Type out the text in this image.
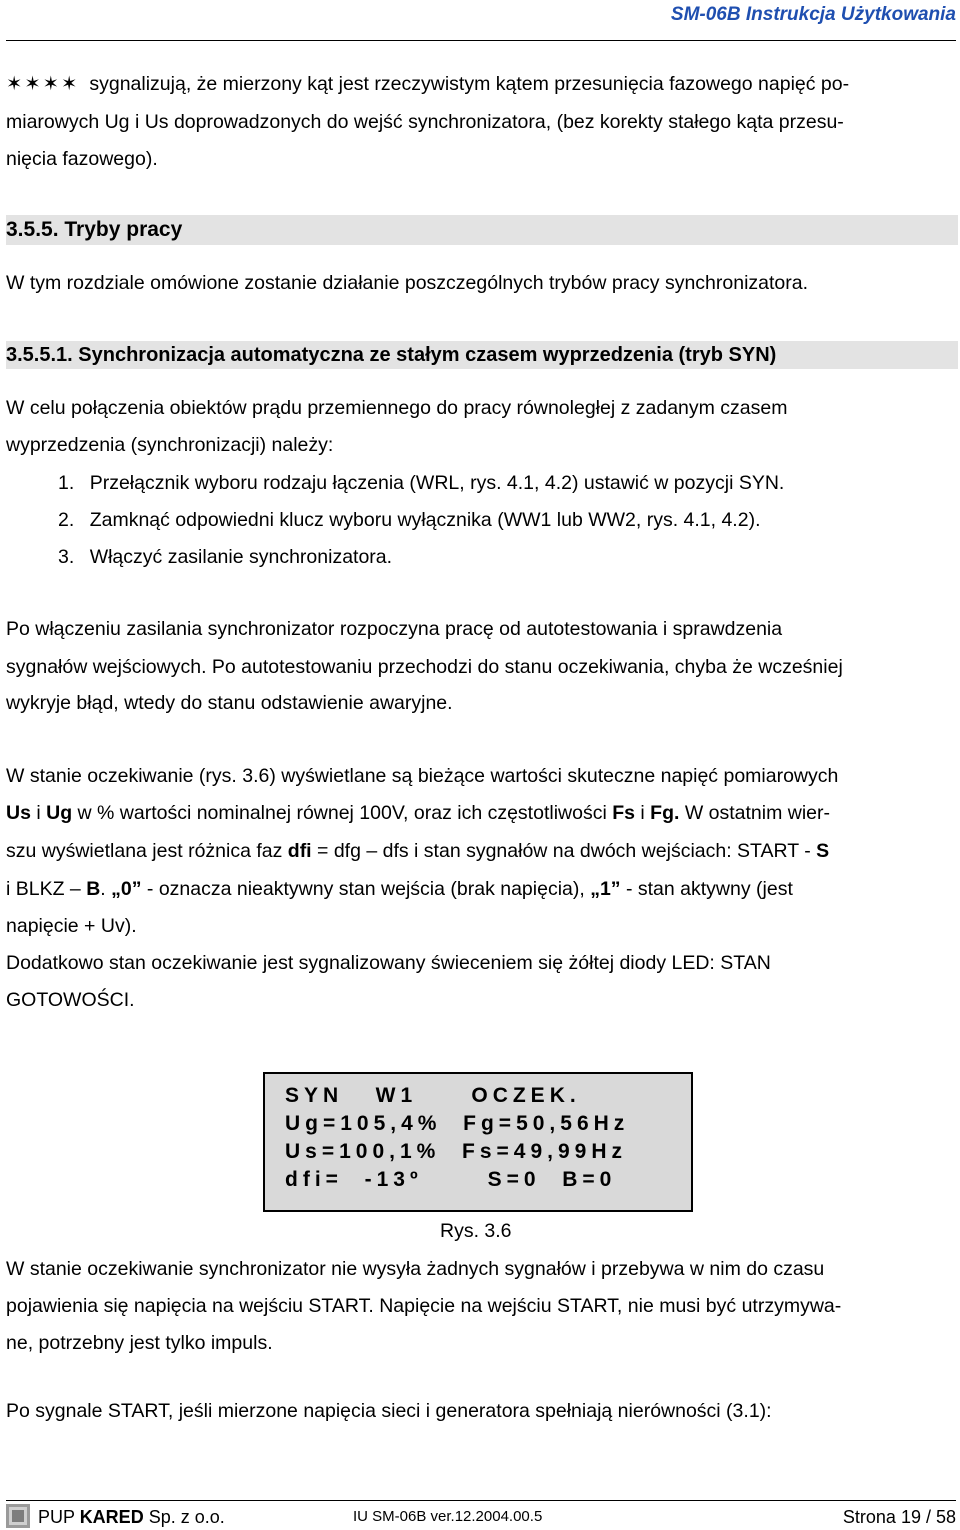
SM-06B Instrukcja Użytkowania
✶✶✶✶ sygnalizują, że mierzony kąt jest rzeczywistym kątem przesunięcia fazowego napięć po-
miarowych Ug i Us doprowadzonych do wejść synchronizatora, (bez korekty stałego kąta przesu-
nięcia fazowego).
3.5.5. Tryby pracy
W tym rozdziale omówione zostanie działanie poszczególnych trybów pracy synchronizatora.
3.5.5.1. Synchronizacja automatyczna ze stałym czasem wyprzedzenia (tryb SYN)
W celu połączenia obiektów prądu przemiennego do pracy równoległej z zadanym czasem
wyprzedzenia (synchronizacji) należy:
1. Przełącznik wyboru rodzaju łączenia (WRL, rys. 4.1, 4.2) ustawić w pozycji SYN.
2. Zamknąć odpowiedni klucz wyboru wyłącznika (WW1 lub WW2, rys. 4.1, 4.2).
3. Włączyć zasilanie synchronizatora.
Po włączeniu zasilania synchronizator rozpoczyna pracę od autotestowania i sprawdzenia
sygnałów wejściowych. Po autotestowaniu przechodzi do stanu oczekiwania, chyba że wcześniej
wykryje błąd, wtedy do stanu odstawienie awaryjne.
W stanie oczekiwanie (rys. 3.6) wyświetlane są bieżące wartości skuteczne napięć pomiarowych
Us i Ug w % wartości nominalnej równej 100V, oraz ich częstotliwości Fs i Fg. W ostatnim wier-
szu wyświetlana jest różnica faz dfi = dfg – dfs i stan sygnałów na dwóch wejściach: START - S
i BLKZ – B. „0” - oznacza nieaktywny stan wejścia (brak napięcia), „1” - stan aktywny (jest
napięcie + Uv).
Dodatkowo stan oczekiwanie jest sygnalizowany świeceniem się żółtej diody LED: STAN
GOTOWOŚCI.
SYN   W1     OCZEK.
Ug=105,4%  Fg=50,56Hz
Us=100,1%  Fs=49,99Hz
dfi=  -13º      S=0  B=0
Rys. 3.6
W stanie oczekiwanie synchronizator nie wysyła żadnych sygnałów i przebywa w nim do czasu
pojawienia się napięcia na wejściu START. Napięcie na wejściu START, nie musi być utrzymywa-
ne, potrzebny jest tylko impuls.
Po sygnale START, jeśli mierzone napięcia sieci i generatora spełniają nierówności (3.1):
PUP KARED Sp. z o.o.	IU SM-06B ver.12.2004.00.5	Strona 19 / 58
